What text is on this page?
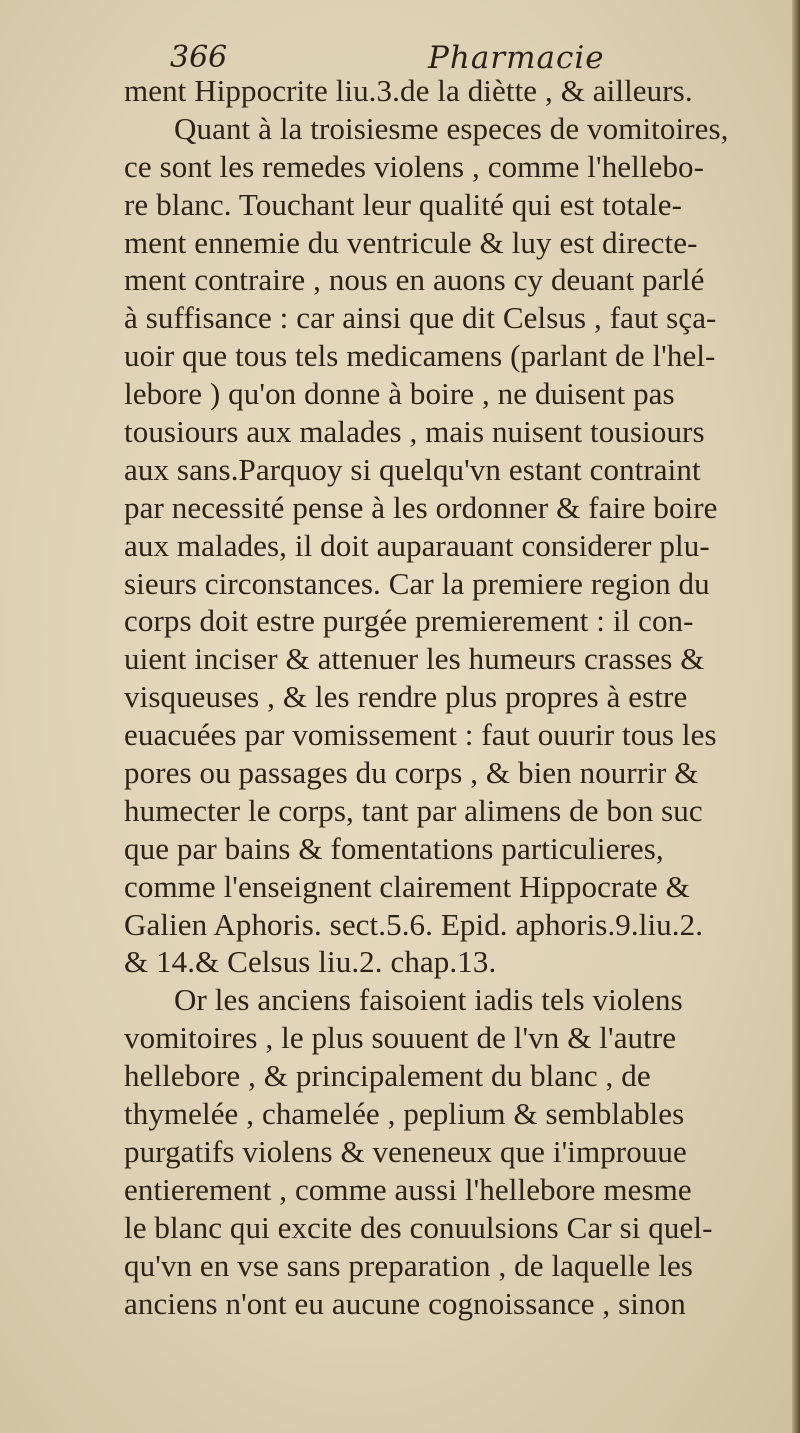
366	Pharmacie
ment Hippocrite liu.3.de la diètte , & ailleurs.
Quant à la troisiesme especes de vomitoires,
ce sont les remedes violens , comme l'hellebo-
re blanc. Touchant leur qualité qui est totale-
ment ennemie du ventricule & luy est directe-
ment contraire , nous en auons cy deuant parlé
à suffisance : car ainsi que dit Celsus , faut sça-
uoir que tous tels medicamens (parlant de l'hel-
lebore ) qu'on donne à boire , ne duisent pas
tousiours aux malades , mais nuisent tousiours
aux sans.Parquoy si quelqu'vn estant contraint
par necessité pense à les ordonner & faire boire
aux malades, il doit auparauant considerer plu-
sieurs circonstances. Car la premiere region du
corps doit estre purgée premierement : il con-
uient inciser & attenuer les humeurs crasses &
visqueuses , & les rendre plus propres à estre
euacuées par vomissement : faut ouurir tous les
pores ou passages du corps , & bien nourrir &
humecter le corps, tant par alimens de bon suc
que par bains & fomentations particulieres,
comme l'enseignent clairement Hippocrate &
Galien Aphoris. sect.5.6. Epid. aphoris.9.liu.2.
& 14.& Celsus liu.2. chap.13.
Or les anciens faisoient iadis tels violens
vomitoires , le plus souuent de l'vn & l'autre
hellebore , & principalement du blanc , de
thymelée , chamelée , peplium & semblables
purgatifs violens & veneneux que i'improuue
entierement , comme aussi l'hellebore mesme
le blanc qui excite des conuulsions Car si quel-
qu'vn en vse sans preparation , de laquelle les
anciens n'ont eu aucune cognoissance , sinon
